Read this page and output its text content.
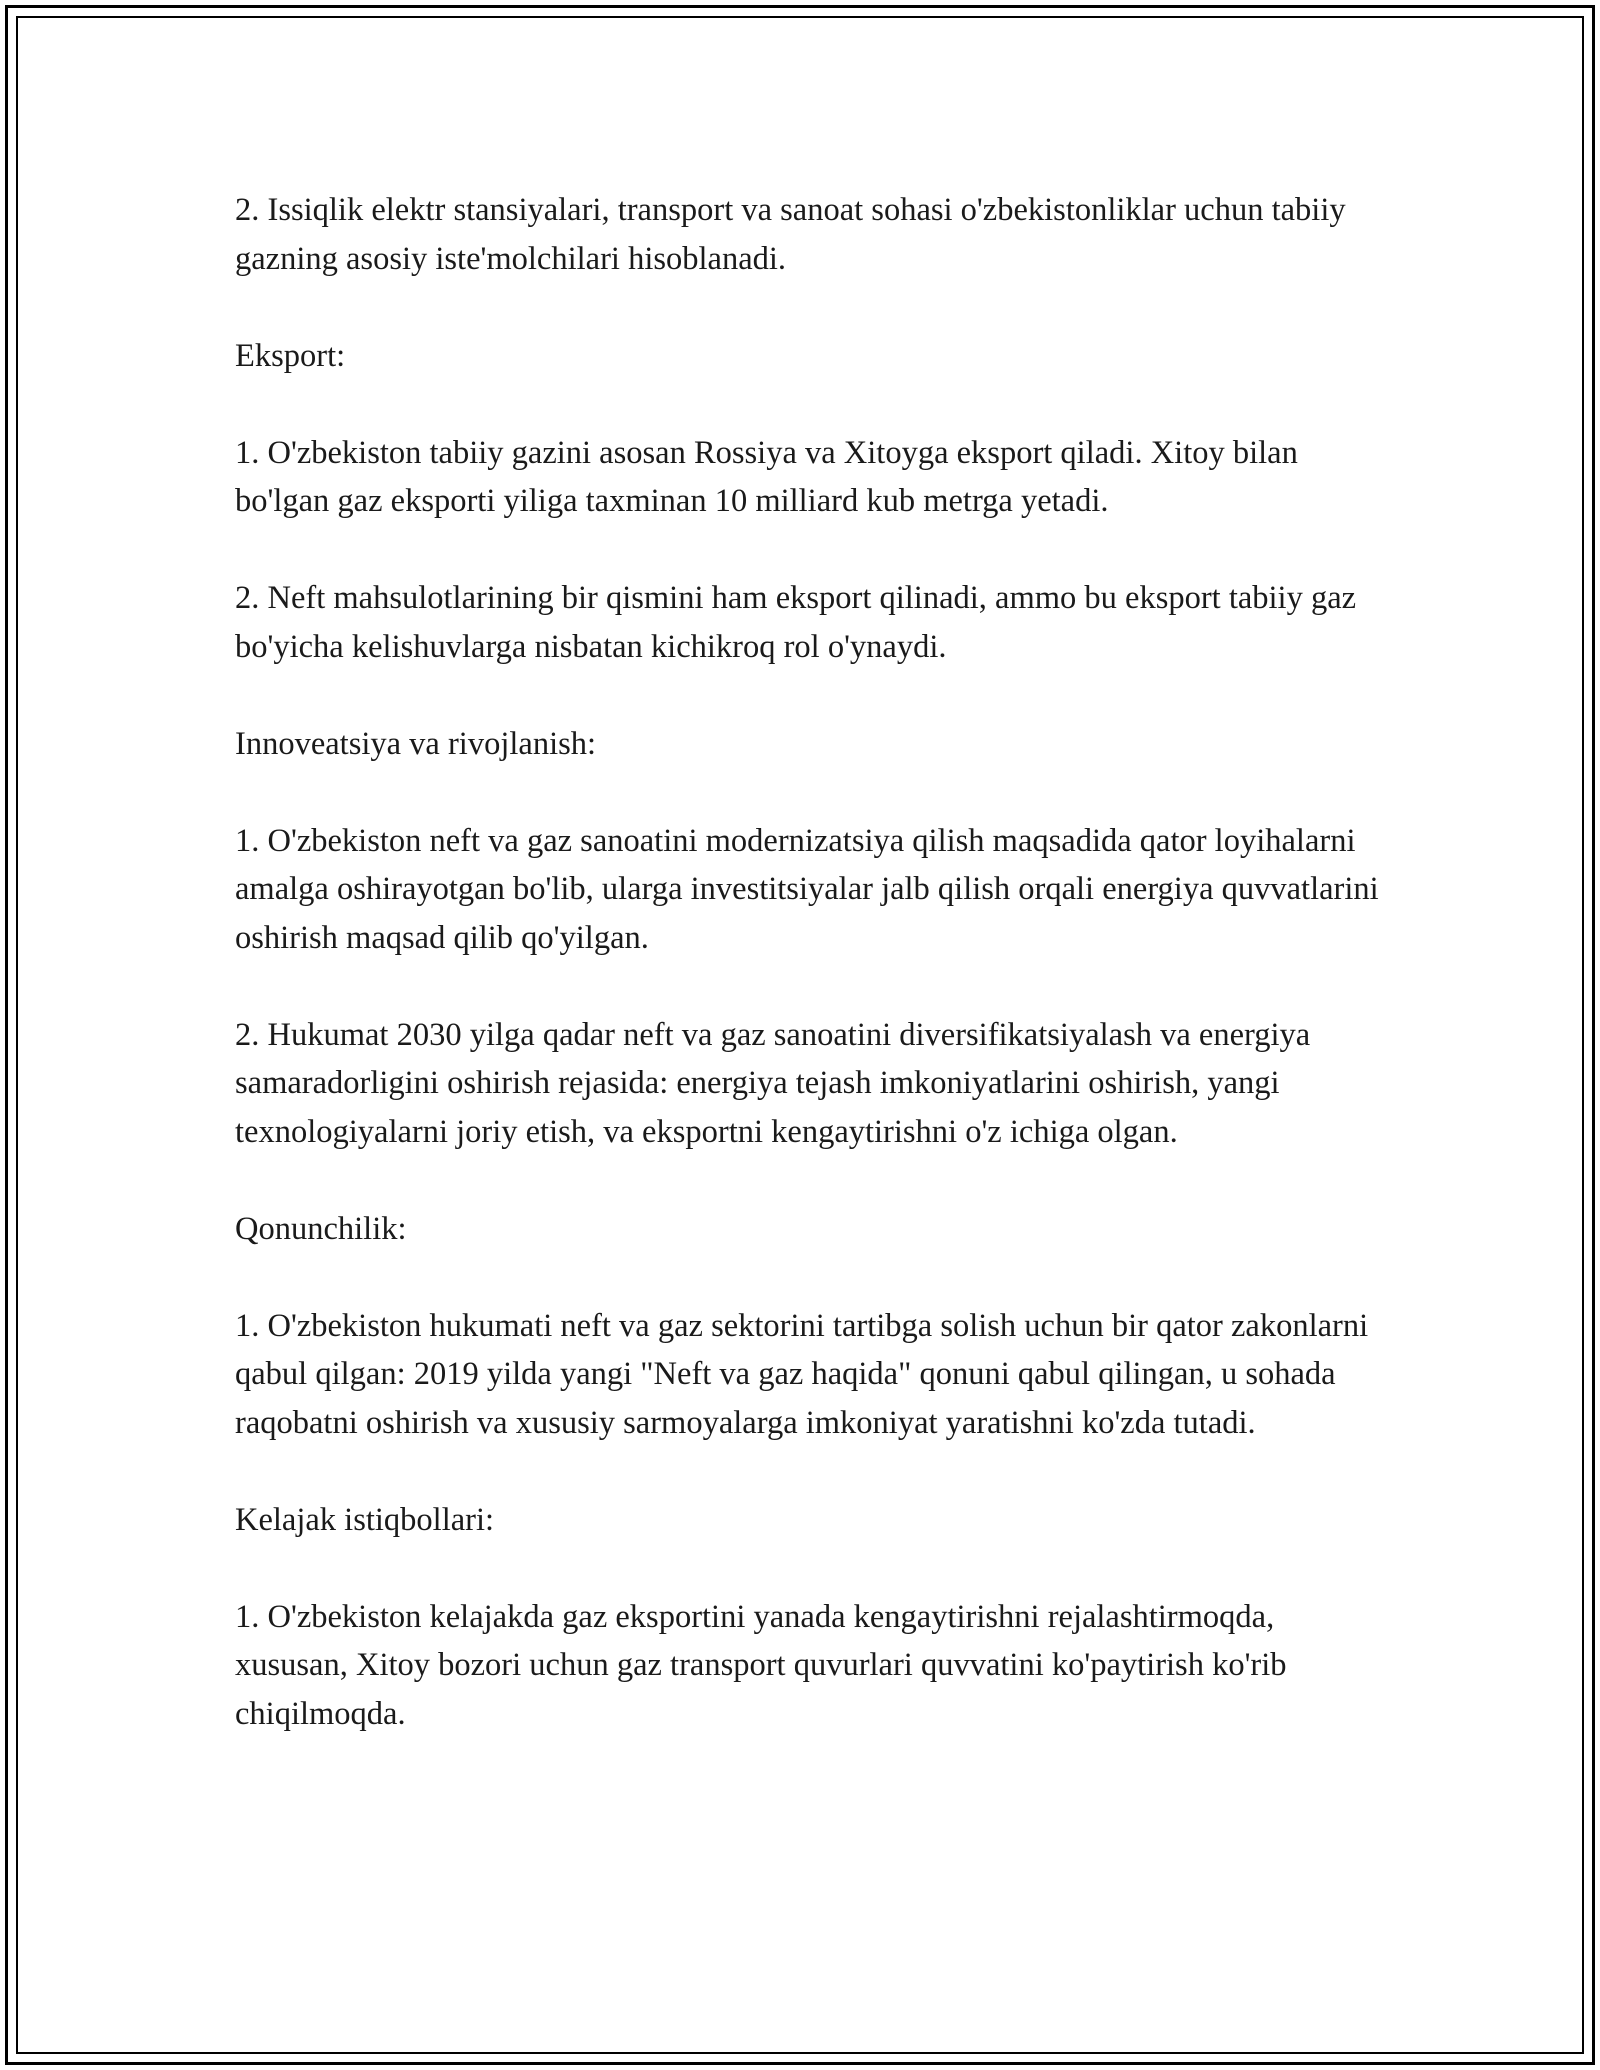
2. Issiqlik elektr stansiyalari, transport va sanoat sohasi o'zbekistonliklar uchun tabiiy gazning asosiy iste'molchilari hisoblanadi.

Eksport:

1. O'zbekiston tabiiy gazini asosan Rossiya va Xitoyga eksport qiladi. Xitoy bilan bo'lgan gaz eksporti yiliga taxminan 10 milliard kub metrga yetadi.

2. Neft mahsulotlarining bir qismini ham eksport qilinadi, ammo bu eksport tabiiy gaz bo'yicha kelishuvlarga nisbatan kichikroq rol o'ynaydi.

Innoveatsiya va rivojlanish:

1. O'zbekiston neft va gaz sanoatini modernizatsiya qilish maqsadida qator loyihalarni amalga oshirayotgan bo'lib, ularga investitsiyalar jalb qilish orqali energiya quvvatlarini oshirish maqsad qilib qo'yilgan.

2. Hukumat 2030 yilga qadar neft va gaz sanoatini diversifikatsiyalash va energiya samaradorligini oshirish rejasida: energiya tejash imkoniyatlarini oshirish, yangi texnologiyalarni joriy etish, va eksportni kengaytirishni o'z ichiga olgan.

Qonunchilik:

1. O'zbekiston hukumati neft va gaz sektorini tartibga solish uchun bir qator zakonlarni qabul qilgan: 2019 yilda yangi "Neft va gaz haqida" qonuni qabul qilingan, u sohada raqobatni oshirish va xususiy sarmoyalarga imkoniyat yaratishni ko'zda tutadi.

Kelajak istiqbollari:

1. O'zbekiston kelajakda gaz eksportini yanada kengaytirishni rejalashtirmoqda, xususan, Xitoy bozori uchun gaz transport quvurlari quvvatini ko'paytirish ko'rib chiqilmoqda.
